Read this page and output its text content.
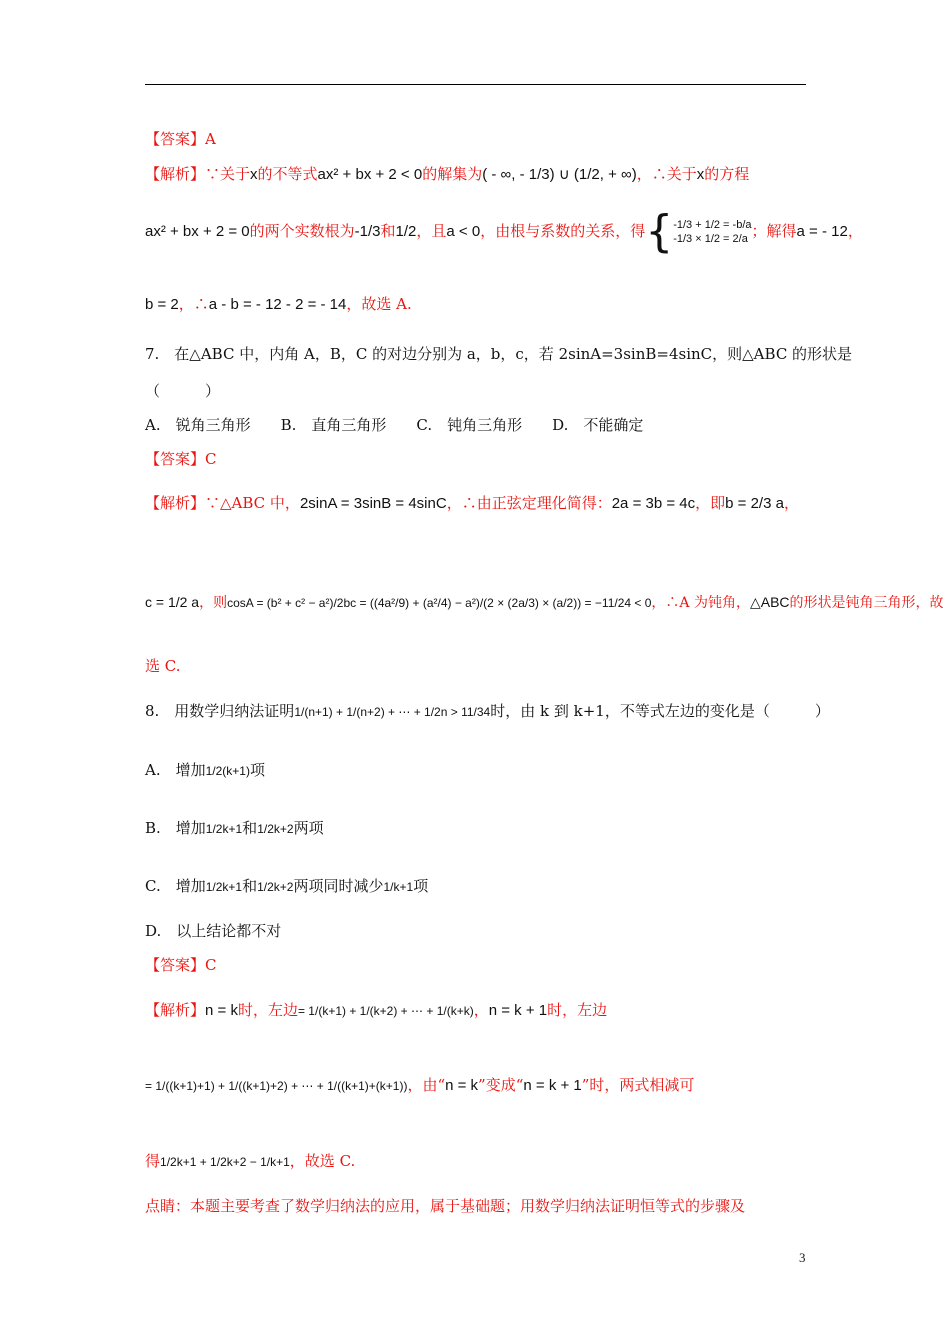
【答案】A
【解析】∵关于x的不等式ax² + bx + 2 < 0的解集为( - ∞, - 1/3) ∪ (1/2, + ∞)，∴关于x的方程
ax² + bx + 2 = 0的两个实数根为-1/3和1/2，且a < 0，由根与系数的关系，得{ -1/3 + 1/2 = -b/a
-1/3 × 1/2 = 2/a ；解得a = - 12，
b = 2，∴a - b = - 12 - 2 = - 14，故选 A.
7.　在△ABC 中，内角 A，B，C 的对边分别为 a，b，c，若 2sinA=3sinB=4sinC，则△ABC 的形状是
（　　　）
A.　锐角三角形 B.　直角三角形 C.　钝角三角形 D.　不能确定
【答案】C
【解析】∵△ABC 中，2sinA = 3sinB = 4sinC，∴由正弦定理化简得：2a = 3b = 4c，即b = 2/3 a，
c = 1/2 a，则cosA = (b² + c² − a²)/2bc = ((4a²/9) + (a²/4) − a²)/(2 × (2a/3) × (a/2)) = −11/24 < 0，∴A 为钝角，△ABC的形状是钝角三角形，故
选 C.
8.　用数学归纳法证明1/(n+1) + 1/(n+2) + ⋯ + 1/2n > 11/34时，由 k 到 k+1，不等式左边的变化是（　　　）
A.　增加1/2(k+1)项
B.　增加1/2k+1和1/2k+2两项
C.　增加1/2k+1和1/2k+2两项同时减少1/k+1项
D.　以上结论都不对
【答案】C
【解析】n = k时，左边= 1/(k+1) + 1/(k+2) + ⋯ + 1/(k+k)，n = k + 1时，左边
= 1/((k+1)+1) + 1/((k+1)+2) + ⋯ + 1/((k+1)+(k+1))，由“n = k”变成“n = k + 1”时，两式相减可
得1/2k+1 + 1/2k+2 − 1/k+1，故选 C.
点睛：本题主要考查了数学归纳法的应用，属于基础题；用数学归纳法证明恒等式的步骤及
3
